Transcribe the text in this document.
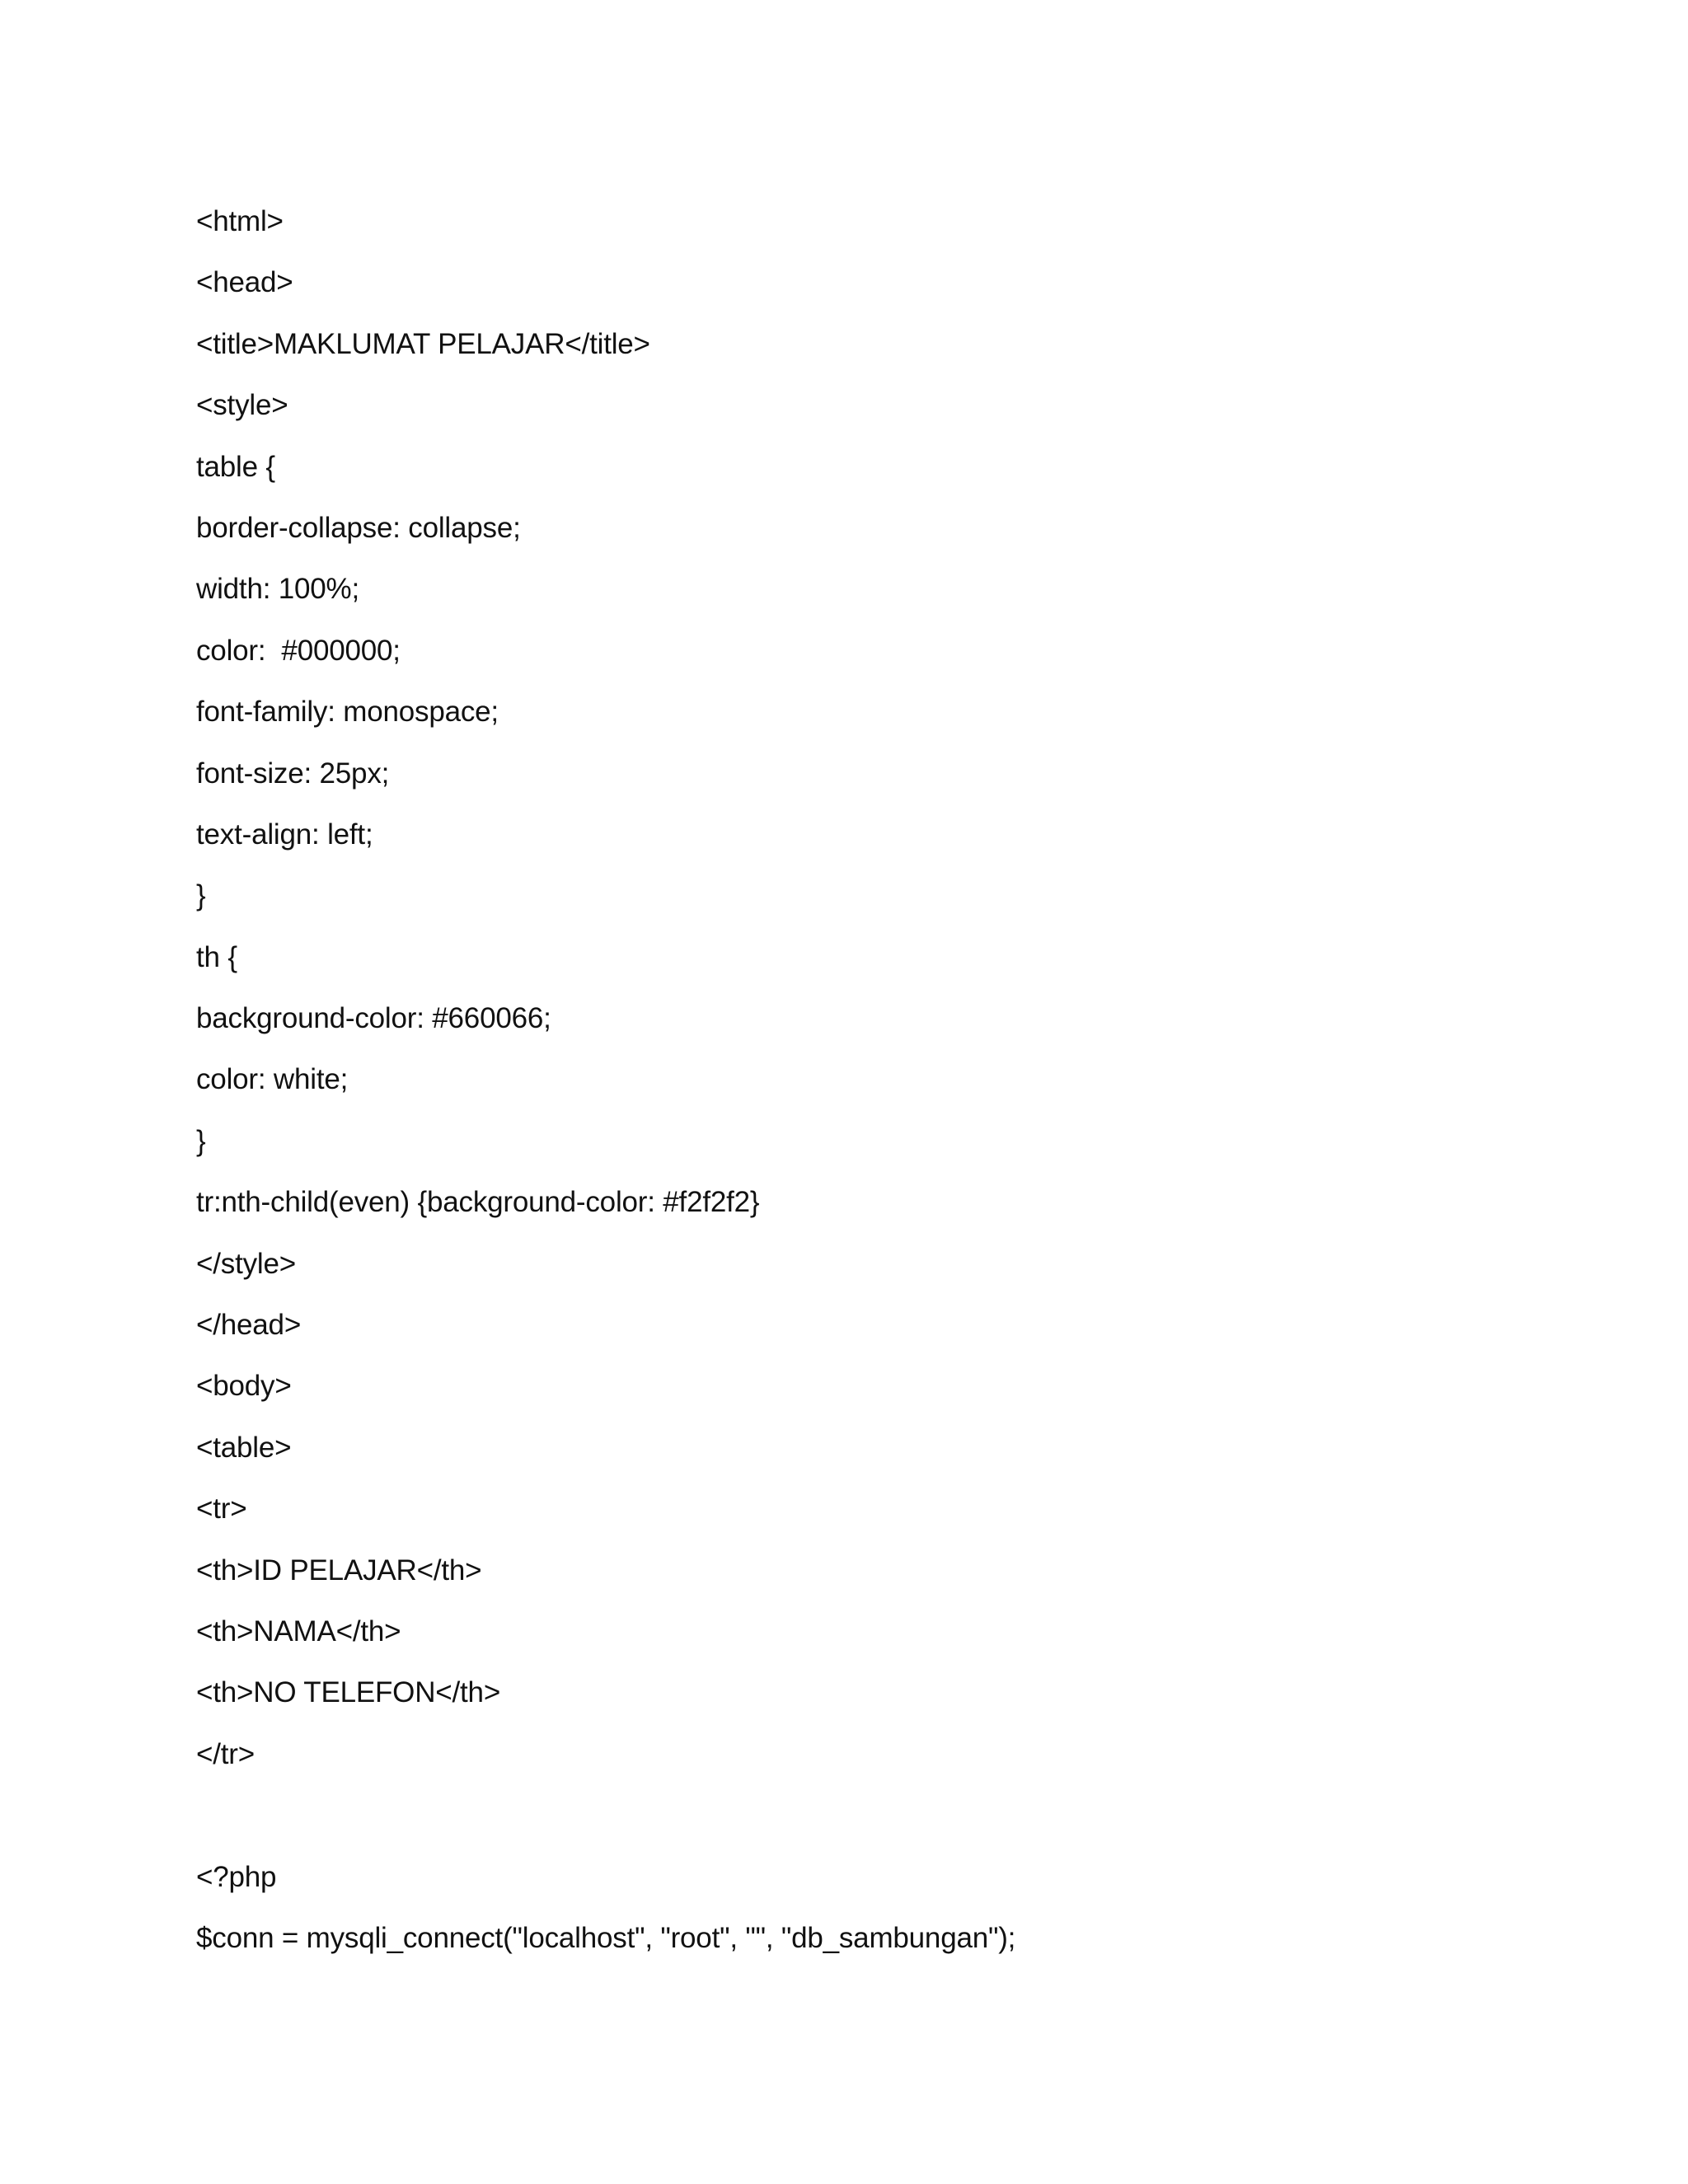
<html>
<head>
<title>MAKLUMAT PELAJAR</title>
<style>
table {
border-collapse: collapse;
width: 100%;
color:  #000000;
font-family: monospace;
font-size: 25px;
text-align: left;
}
th {
background-color: #660066;
color: white;
}
tr:nth-child(even) {background-color: #f2f2f2}
</style>
</head>
<body>
<table>
<tr>
<th>ID PELAJAR</th>
<th>NAMA</th>
<th>NO TELEFON</th>
</tr>
<?php
$conn = mysqli_connect("localhost", "root", "", "db_sambungan");
